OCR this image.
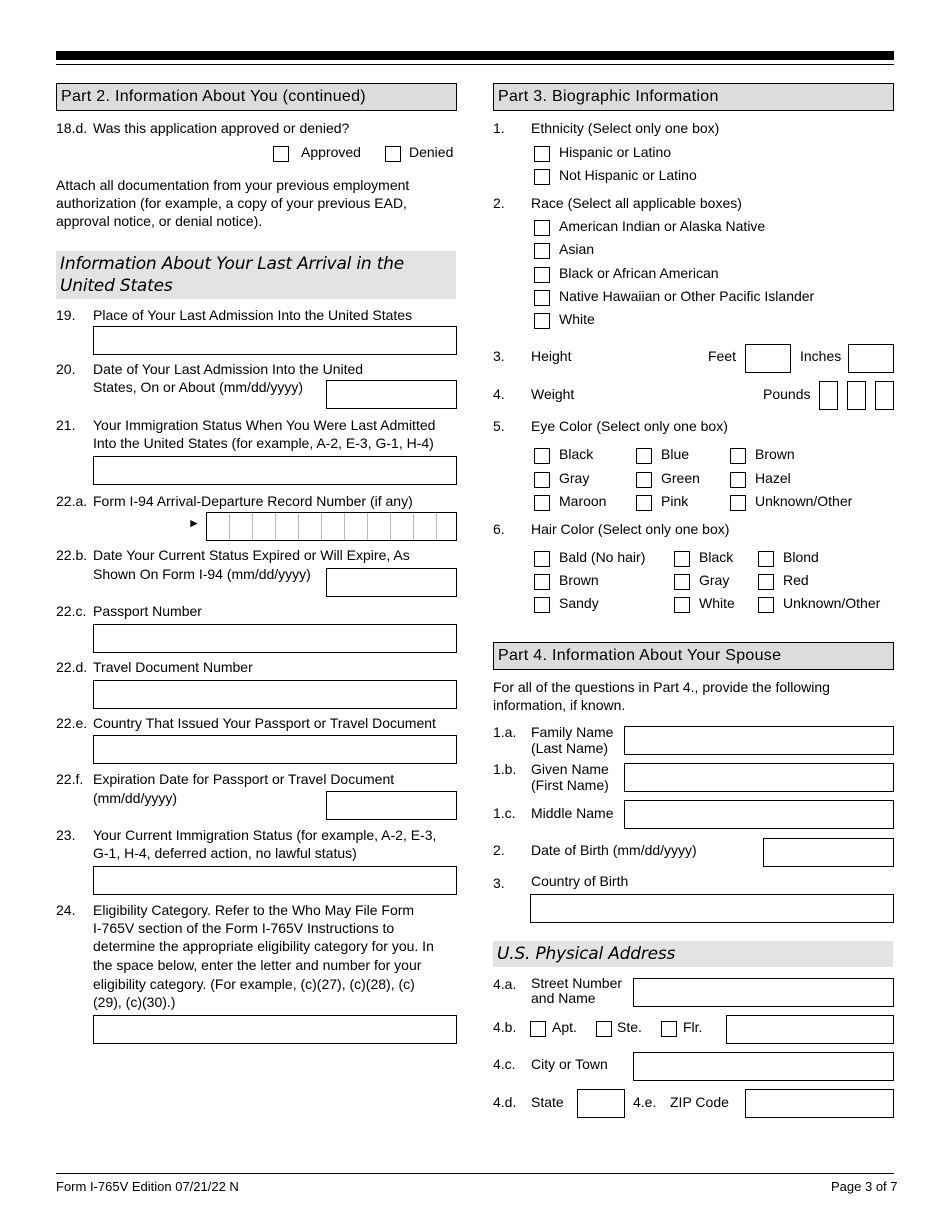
Part 2. Information About You (continued)
18.d. Was this application approved or denied?
Approved	Denied
Attach all documentation from your previous employment authorization (for example, a copy of your previous EAD, approval notice, or denial notice).
Information About Your Last Arrival in the United States
19. Place of Your Last Admission Into the United States
20. Date of Your Last Admission Into the United
States, On or About (mm/dd/yyyy)
21. Your Immigration Status When You Were Last Admitted
Into the United States (for example, A-2, E-3, G-1, H-4)
22.a. Form I-94 Arrival-Departure Record Number (if any)
►
22.b. Date Your Current Status Expired or Will Expire, As
Shown On Form I-94 (mm/dd/yyyy)
22.c. Passport Number
22.d. Travel Document Number
22.e. Country That Issued Your Passport or Travel Document
22.f. Expiration Date for Passport or Travel Document
(mm/dd/yyyy)
23. Your Current Immigration Status (for example, A-2, E-3,
G-1, H-4, deferred action, no lawful status)
24. Eligibility Category. Refer to the Who May File Form
I-765V section of the Form I-765V Instructions to
determine the appropriate eligibility category for you. In
the space below, enter the letter and number for your
eligibility category. (For example, (c)(27), (c)(28), (c)
(29), (c)(30).)
Part 3. Biographic Information
1. Ethnicity (Select only one box)
Hispanic or Latino
Not Hispanic or Latino
2. Race (Select all applicable boxes)
American Indian or Alaska Native
Asian
Black or African American
Native Hawaiian or Other Pacific Islander
White
3. Height	Feet	Inches
4. Weight	Pounds
5. Eye Color (Select only one box)
Black	Blue	Brown
Gray	Green	Hazel
Maroon	Pink	Unknown/Other
6. Hair Color (Select only one box)
Bald (No hair)	Black	Blond
Brown	Gray	Red
Sandy	White	Unknown/Other
Part 4. Information About Your Spouse
For all of the questions in Part 4., provide the following information, if known.
1.a. Family Name
(Last Name)
1.b. Given Name
(First Name)
1.c. Middle Name
2. Date of Birth (mm/dd/yyyy)
3. Country of Birth
U.S. Physical Address
4.a. Street Number
and Name
4.b.	Apt.	Ste.	Flr.
4.c. City or Town
4.d. State	4.e. ZIP Code
Form I-765V Edition 07/21/22 N	Page 3 of 7
